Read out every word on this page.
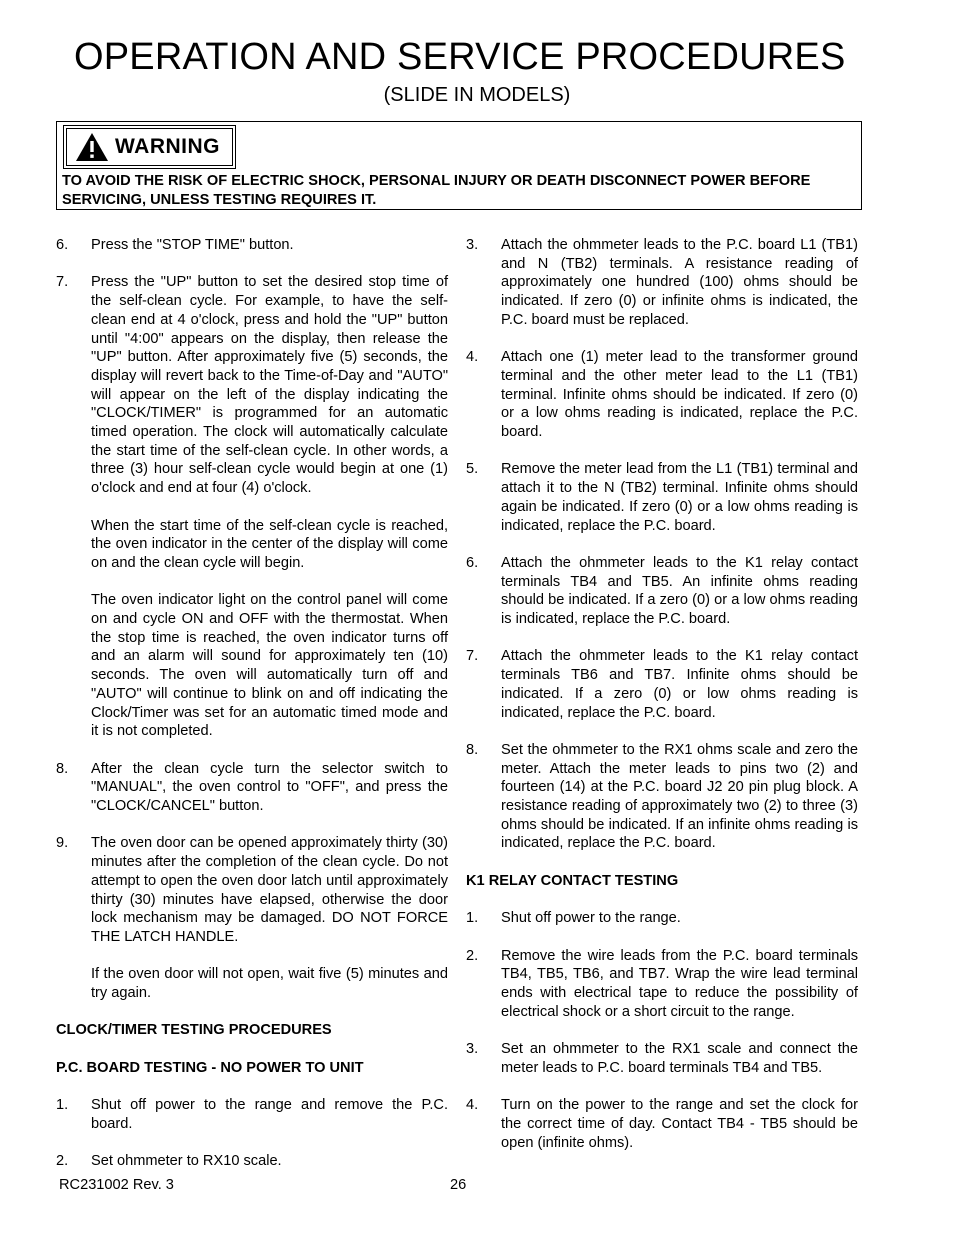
OPERATION AND SERVICE PROCEDURES
(SLIDE IN MODELS)
WARNING
TO AVOID THE RISK OF ELECTRIC SHOCK, PERSONAL INJURY OR DEATH DISCONNECT POWER BEFORE SERVICING, UNLESS TESTING REQUIRES IT.
6. Press the "STOP TIME" button.
7. Press the "UP" button to set the desired stop time of the self-clean cycle. For example, to have the self-clean end at 4 o'clock, press and hold the "UP" button until "4:00" appears on the display, then release the "UP" button. After approximately five (5) seconds, the display will revert back to the Time-of-Day and "AUTO" will appear on the left of the display indicating the "CLOCK/TIMER" is programmed for an automatic timed operation. The clock will automatically calculate the start time of the self-clean cycle. In other words, a three (3) hour self-clean cycle would begin at one (1) o'clock and end at four (4) o'clock.
When the start time of the self-clean cycle is reached, the oven indicator in the center of the display will come on and the clean cycle will begin.
The oven indicator light on the control panel will come on and cycle ON and OFF with the thermostat. When the stop time is reached, the oven indicator turns off and an alarm will sound for approximately ten (10) seconds. The oven will automatically turn off and "AUTO" will continue to blink on and off indicating the Clock/Timer was set for an automatic timed mode and it is not completed.
8. After the clean cycle turn the selector switch to "MANUAL", the oven control to "OFF", and press the "CLOCK/CANCEL" button.
9. The oven door can be opened approximately thirty (30) minutes after the completion of the clean cycle. Do not attempt to open the oven door latch until approximately thirty (30) minutes have elapsed, otherwise the door lock mechanism may be damaged. DO NOT FORCE THE LATCH HANDLE.
If the oven door will not open, wait five (5) minutes and try again.
CLOCK/TIMER TESTING PROCEDURES
P.C. BOARD TESTING - NO POWER TO UNIT
1. Shut off power to the range and remove the P.C. board.
2. Set ohmmeter to RX10 scale.
3. Attach the ohmmeter leads to the P.C. board L1 (TB1) and N (TB2) terminals. A resistance reading of approximately one hundred (100) ohms should be indicated. If zero (0) or infinite ohms is indicated, the P.C. board must be replaced.
4. Attach one (1) meter lead to the transformer ground terminal and the other meter lead to the L1 (TB1) terminal. Infinite ohms should be indicated. If zero (0) or a low ohms reading is indicated, replace the P.C. board.
5. Remove the meter lead from the L1 (TB1) terminal and attach it to the N (TB2) terminal. Infinite ohms should again be indicated. If zero (0) or a low ohms reading is indicated, replace the P.C. board.
6. Attach the ohmmeter leads to the K1 relay contact terminals TB4 and TB5. An infinite ohms reading should be indicated. If a zero (0) or a low ohms reading is indicated, replace the P.C. board.
7. Attach the ohmmeter leads to the K1 relay contact terminals TB6 and TB7. Infinite ohms should be indicated. If a zero (0) or low ohms reading is indicated, replace the P.C. board.
8. Set the ohmmeter to the RX1 ohms scale and zero the meter. Attach the meter leads to pins two (2) and fourteen (14) at the P.C. board J2 20 pin plug block. A resistance reading of approximately two (2) to three (3) ohms should be indicated. If an infinite ohms reading is indicated, replace the P.C. board.
K1 RELAY CONTACT TESTING
1. Shut off power to the range.
2. Remove the wire leads from the P.C. board terminals TB4, TB5, TB6, and TB7. Wrap the wire lead terminal ends with electrical tape to reduce the possibility of electrical shock or a short circuit to the range.
3. Set an ohmmeter to the RX1 scale and connect the meter leads to P.C. board terminals TB4 and TB5.
4. Turn on the power to the range and set the clock for the correct time of day. Contact TB4 - TB5 should be open (infinite ohms).
RC231002 Rev. 3	26
